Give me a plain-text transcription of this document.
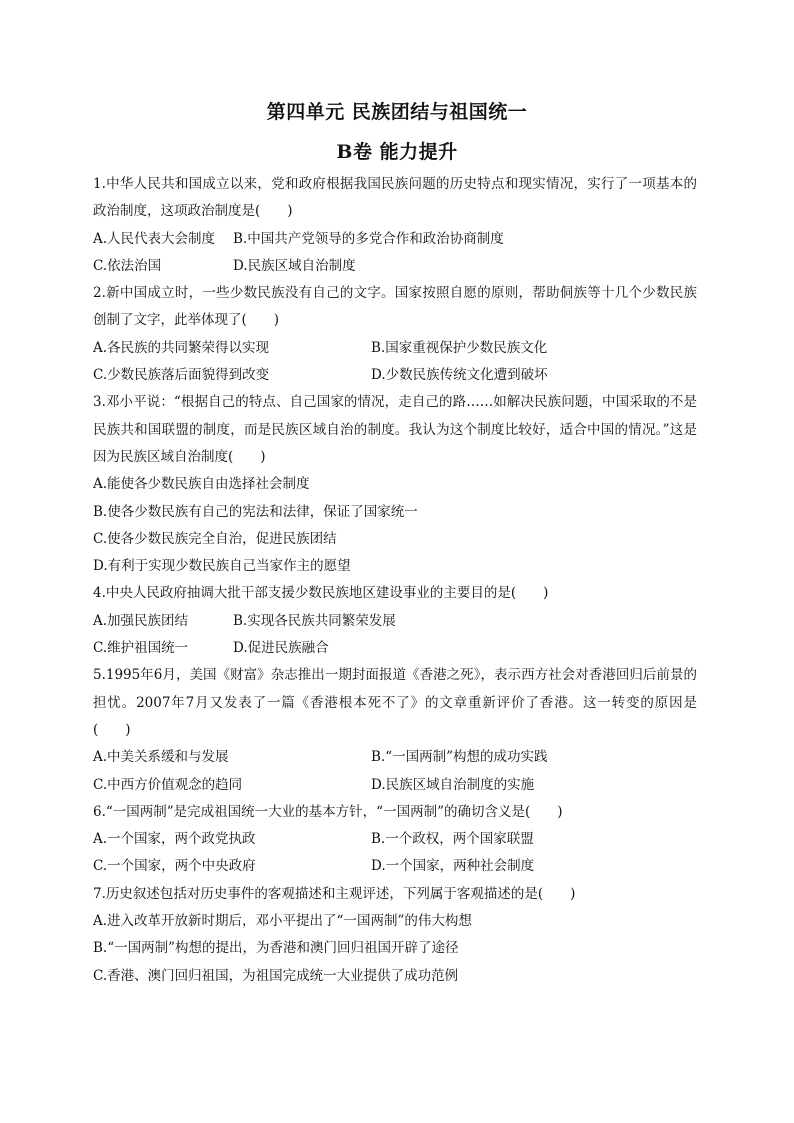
第四单元 民族团结与祖国统一
B卷 能力提升
1.中华人民共和国成立以来，党和政府根据我国民族问题的历史特点和现实情况，实行了一项基本的政治制度，这项政治制度是(　　)
A.人民代表大会制度	B.中国共产党领导的多党合作和政治协商制度
C.依法治国	D.民族区域自治制度
2.新中国成立时，一些少数民族没有自己的文字。国家按照自愿的原则，帮助侗族等十几个少数民族创制了文字，此举体现了(　　)
A.各民族的共同繁荣得以实现	B.国家重视保护少数民族文化
C.少数民族落后面貌得到改变	D.少数民族传统文化遭到破坏
3.邓小平说：“根据自己的特点、自己国家的情况，走自己的路……如解决民族问题，中国采取的不是民族共和国联盟的制度，而是民族区域自治的制度。我认为这个制度比较好，适合中国的情况。”这是因为民族区域自治制度(　　)
A.能使各少数民族自由选择社会制度
B.使各少数民族有自己的宪法和法律，保证了国家统一
C.使各少数民族完全自治，促进民族团结
D.有利于实现少数民族自己当家作主的愿望
4.中央人民政府抽调大批干部支援少数民族地区建设事业的主要目的是(　　)
A.加强民族团结	B.实现各民族共同繁荣发展
C.维护祖国统一	D.促进民族融合
5.1995年6月，美国《财富》杂志推出一期封面报道《香港之死》，表示西方社会对香港回归后前景的担忧。2007年7月又发表了一篇《香港根本死不了》的文章重新评价了香港。这一转变的原因是(　　)
A.中美关系缓和与发展	B.“一国两制”构想的成功实践
C.中西方价值观念的趋同	D.民族区域自治制度的实施
6.“一国两制”是完成祖国统一大业的基本方针，“一国两制”的确切含义是(　　)
A.一个国家，两个政党执政	B.一个政权，两个国家联盟
C.一个国家，两个中央政府	D.一个国家，两种社会制度
7.历史叙述包括对历史事件的客观描述和主观评述，下列属于客观描述的是(　　)
A.进入改革开放新时期后，邓小平提出了“一国两制”的伟大构想
B.“一国两制”构想的提出，为香港和澳门回归祖国开辟了途径
C.香港、澳门回归祖国，为祖国完成统一大业提供了成功范例
